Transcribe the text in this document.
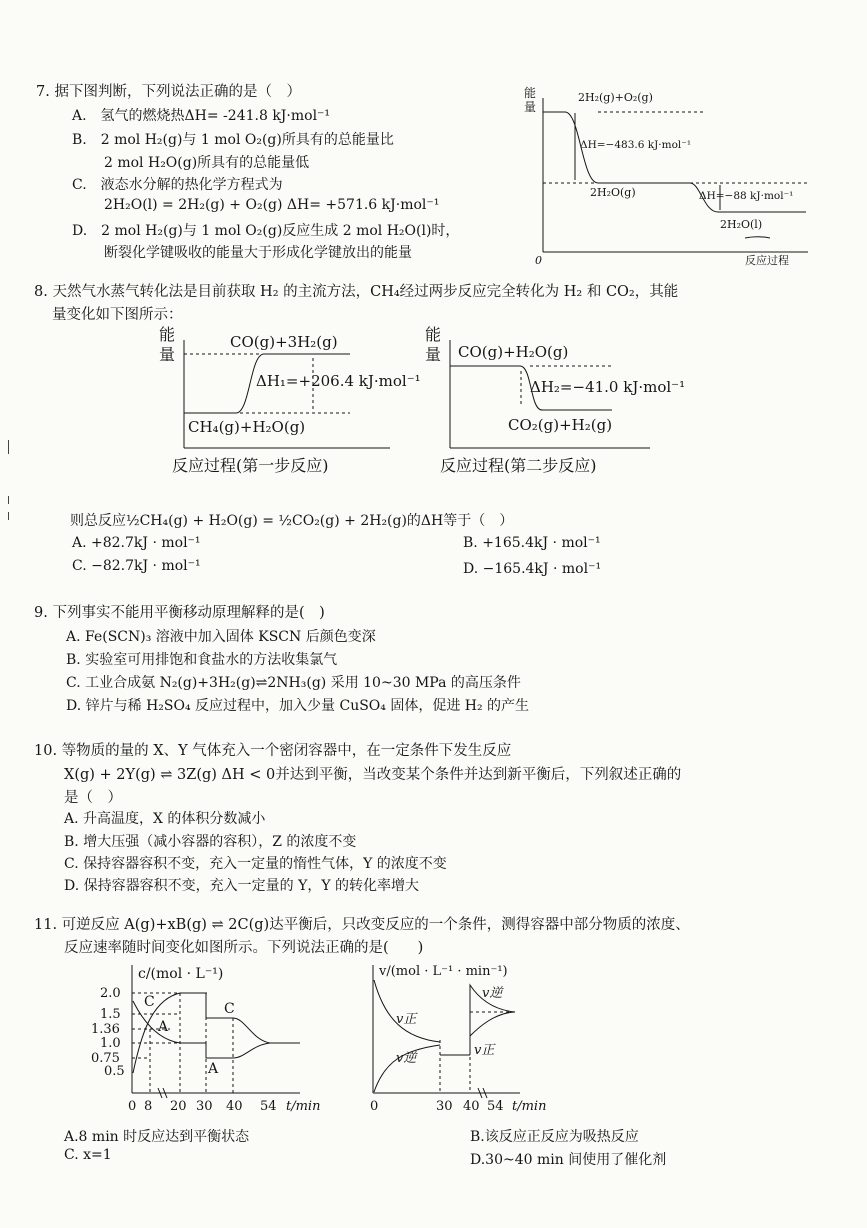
7. 据下图判断，下列说法正确的是（　）
A.　氢气的燃烧热ΔH= -241.8 kJ·mol⁻¹
B.　2 mol H₂(g)与 1 mol O₂(g)所具有的总能量比
2 mol H₂O(g)所具有的总能量低
C.　液态水分解的热化学方程式为
2H₂O(l) = 2H₂(g) + O₂(g) ΔH= +571.6 kJ·mol⁻¹
D.　2 mol H₂(g)与 1 mol O₂(g)反应生成 2 mol H₂O(l)时，
断裂化学键吸收的能量大于形成化学键放出的能量
能
量
0	反应过程
2H₂(g)+O₂(g)
2H₂O(g)
2H₂O(l)
ΔH=−483.6 kJ·mol⁻¹
ΔH=−88 kJ·mol⁻¹
8. 天然气水蒸气转化法是目前获取 H₂ 的主流方法，CH₄经过两步反应完全转化为 H₂ 和 CO₂，其能
量变化如下图所示：
能
量
CO(g)+3H₂(g)
CH₄(g)+H₂O(g)
ΔH₁=+206.4 kJ·mol⁻¹
反应过程(第一步反应)
能
量 CO(g)+H₂O(g)
CO₂(g)+H₂(g)
ΔH₂=−41.0 kJ·mol⁻¹
反应过程(第二步反应)
则总反应½CH₄(g) + H₂O(g) = ½CO₂(g) + 2H₂(g)的ΔH等于（　）
A. +82.7kJ · mol⁻¹	B. +165.4kJ · mol⁻¹
C. −82.7kJ · mol⁻¹	D. −165.4kJ · mol⁻¹
9. 下列事实不能用平衡移动原理解释的是(　)
A. Fe(SCN)₃ 溶液中加入固体 KSCN 后颜色变深
B. 实验室可用排饱和食盐水的方法收集氯气
C. 工业合成氨 N₂(g)+3H₂(g)⇌2NH₃(g) 采用 10~30 MPa 的高压条件
D. 锌片与稀 H₂SO₄ 反应过程中，加入少量 CuSO₄ 固体，促进 H₂ 的产生
10. 等物质的量的 X、Y 气体充入一个密闭容器中，在一定条件下发生反应
X(g) + 2Y(g) ⇌ 3Z(g) ΔH < 0并达到平衡，当改变某个条件并达到新平衡后，下列叙述正确的
是（　）
A. 升高温度，X 的体积分数减小
B. 增大压强（减小容器的容积），Z 的浓度不变
C. 保持容器容积不变，充入一定量的惰性气体，Y 的浓度不变
D. 保持容器容积不变，充入一定量的 Y，Y 的转化率增大
11. 可逆反应 A(g)+xB(g) ⇌ 2C(g)达平衡后，只改变反应的一个条件，测得容器中部分物质的浓度、
反应速率随时间变化如图所示。下列说法正确的是(　　)
c/(mol · L⁻¹)
2.0
1.5
1.36
1.0
0.75
0.5
0 8 20 30 40 54 t/min
C
A
C
A
v/(mol · L⁻¹ · min⁻¹)
0	30 40 54 t/min
v正
v逆
v正
v逆
A.8 min 时反应达到平衡状态	B.该反应正反应为吸热反应
C. x=1	D.30~40 min 间使用了催化剂
